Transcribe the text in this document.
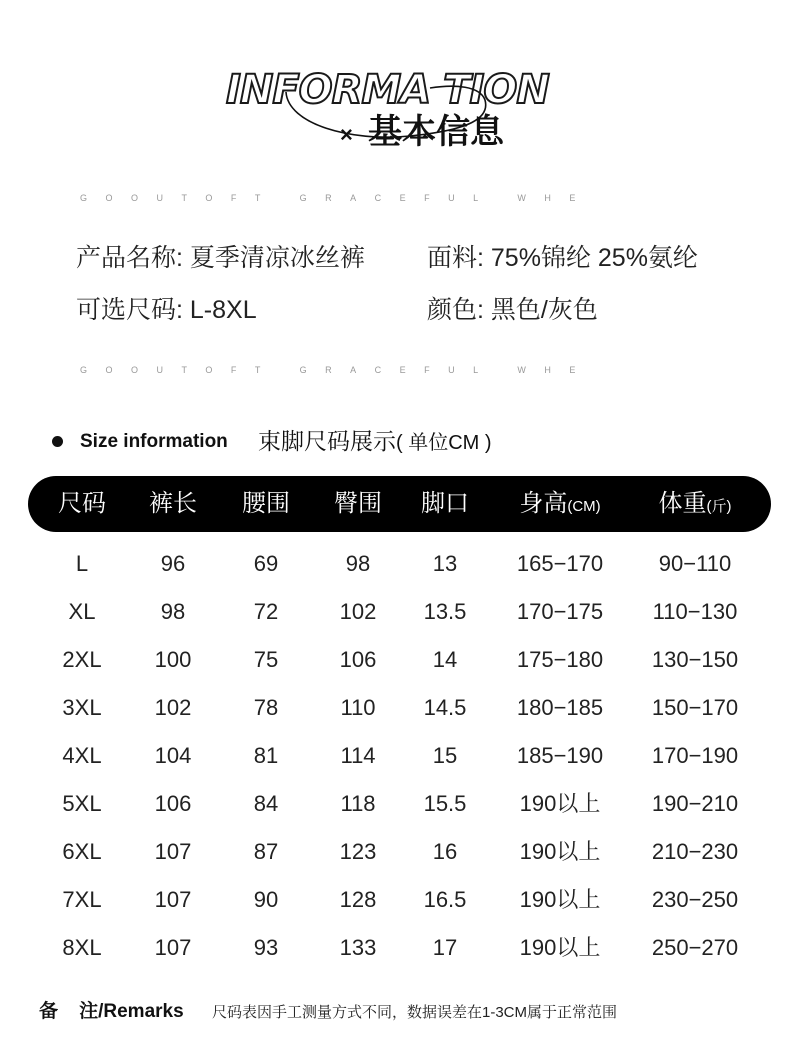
INFORMA TION
× 基本信息
GOOUTOFT GRACEFUL WHE
产品名称: 夏季清凉冰丝裤 面料: 75%锦纶 25%氨纶
可选尺码: L-8XL	颜色: 黑色/灰色
GOOUTOFT GRACEFUL WHE
Size information 束脚尺码展示( 单位CM )
尺码 裤长 腰围 臀围 脚口 身高(CM) 体重(斤)
L	96	69	98	13	165−170	90−110
XL	98	72	102 13.5 170−175 110−130
2XL 100	75	106	14	175−180 130−150
3XL 102	78	110 14.5 180−185 150−170
4XL 104	81	114	15	185−190 170−190
5XL 106	84	118 15.5 190以上 190−210
6XL 107	87	123	16	190以上 210−230
7XL 107	90	128 16.5 190以上 230−250
8XL 107	93	133	17	190以上 250−270
备    注/Remarks 尺码表因手工测量方式不同，数据误差在1-3CM属于正常范围
